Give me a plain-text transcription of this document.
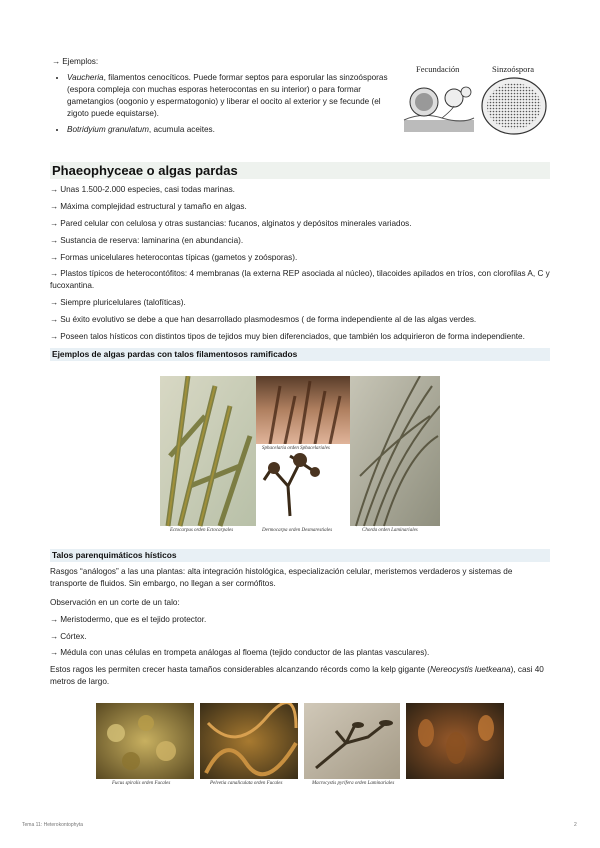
→ Ejemplos:
• Vaucheria, filamentos cenocíticos. Puede formar septos para esporular las sinzoósporas (espora compleja con muchas esporas heterocontas en su interior) o para formar gametangios (oogonio y espermatogonio) y liberar el oocito al exterior y se fecunde (el zigoto puede equistarse).
• Botridyium granulatum, acumula aceites.
Fecundación	Sinzoóspora
Phaeophyceae o algas pardas
→ Unas 1.500-2.000 especies, casi todas marinas.
→ Máxima complejidad estructural y tamaño en algas.
→ Pared celular con celulosa y otras sustancias: fucanos, alginatos y depósitos minerales variados.
→ Sustancia de reserva: laminarina (en abundancia).
→ Formas unicelulares heterocontas típicas (gametos y zoósporas).
→ Plastos típicos de heterocontófitos: 4 membranas (la externa REP asociada al núcleo), tilacoides apilados en tríos, con clorofilas A, C y fucoxantina.
→ Siempre pluricelulares (talofíticas).
→ Su éxito evolutivo se debe a que han desarrollado plasmodesmos ( de forma independiente al de las algas verdes.
→ Poseen talos hísticos con distintos tipos de tejidos muy bien diferenciados, que también los adquirieron de forma independiente.
Ejemplos de algas pardas con talos filamentosos ramificados
Ectocarpus orden Ectocarpales
Sphacelaria orden Sphacelariales
Dermocarpa orden Desmarestiales	Chorda orden Laminariales
Talos parenquimáticos hísticos
Rasgos “análogos” a las una plantas: alta integración histológica, especialización celular, meristemos verdaderos y sistemas de transporte de fluidos. Sin embargo, no llegan a ser cormófitos.
Observación en un corte de un talo:
→ Meristodermo, que es el tejido protector.
→ Córtex.
→ Médula con unas células en trompeta análogas al floema (tejido conductor de las plantas vasculares).
Estos ragos les permiten crecer hasta tamaños considerables alcanzando récords como la kelp gigante (Nereocystis luetkeana), casi 40 metros de largo.
Fucus spiralis orden Fucales	Pelvetia canaliculata orden Fucales	Macrocystis pyrifera orden Laminariales
Tema 11: Heterokontophyta	2
